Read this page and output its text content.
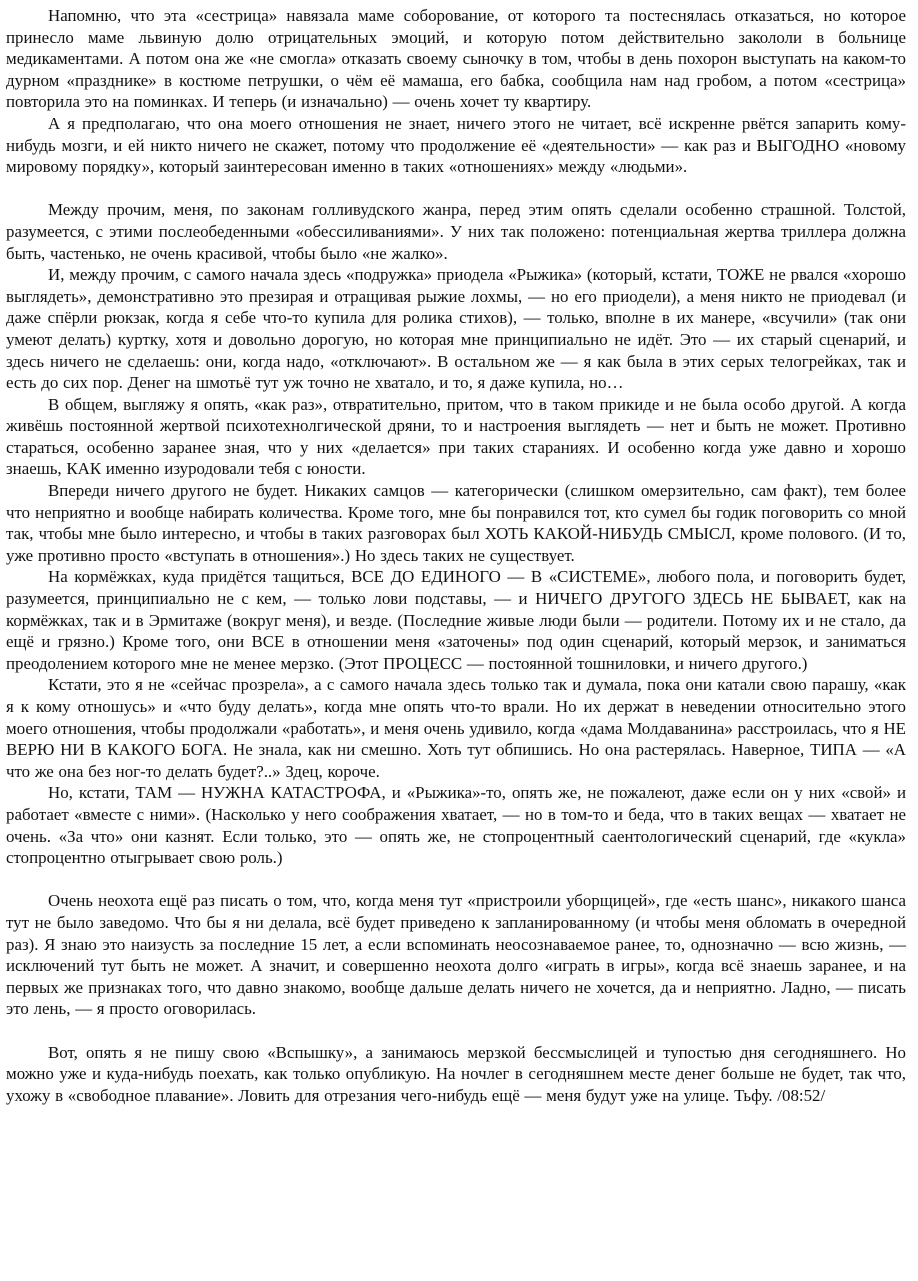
Напомню, что эта «сестрица» навязала маме соборование, от которого та постеснялась отказаться, но которое принесло маме львиную долю отрицательных эмоций, и которую потом действительно закололи в больнице медикаментами. А потом она же «не смогла» отказать своему сыночку в том, чтобы в день похорон выступать на каком-то дурном «празднике» в костюме петрушки, о чём её мамаша, его бабка, сообщила нам над гробом, а потом «сестрица» повторила это на поминках. И теперь (и изначально) — очень хочет ту квартиру.

А я предполагаю, что она моего отношения не знает, ничего этого не читает, всё искренне рвётся запарить кому-нибудь мозги, и ей никто ничего не скажет, потому что продолжение её «деятельности» — как раз и ВЫГОДНО «новому мировому порядку», который заинтересован именно в таких «отношениях» между «людьми».

Между прочим, меня, по законам голливудского жанра, перед этим опять сделали особенно страшной. Толстой, разумеется, с этими послеобеденными «обессиливаниями». У них так положено: потенциальная жертва триллера должна быть, частенько, не очень красивой, чтобы было «не жалко».

И, между прочим, с самого начала здесь «подружка» приодела «Рыжика» (который, кстати, ТОЖЕ не рвался «хорошо выглядеть», демонстративно это презирая и отращивая рыжие лохмы, — но его приодели), а меня никто не приодевал (и даже спёрли рюкзак, когда я себе что-то купила для ролика стихов), — только, вполне в их манере, «всучили» (так они умеют делать) куртку, хотя и довольно дорогую, но которая мне принципиально не идёт. Это — их старый сценарий, и здесь ничего не сделаешь: они, когда надо, «отключают». В остальном же — я как была в этих серых телогрейках, так и есть до сих пор. Денег на шмотьё тут уж точно не хватало, и то, я даже купила, но…

В общем, выгляжу я опять, «как раз», отвратительно, притом, что в таком прикиде и не была особо другой. А когда живёшь постоянной жертвой психотехнолгической дряни, то и настроения выглядеть — нет и быть не может. Противно стараться, особенно заранее зная, что у них «делается» при таких стараниях. И особенно когда уже давно и хорошо знаешь, КАК именно изуродовали тебя с юности.

Впереди ничего другого не будет. Никаких самцов — категорически (слишком омерзительно, сам факт), тем более что неприятно и вообще набирать количества. Кроме того, мне бы понравился тот, кто сумел бы годик поговорить со мной так, чтобы мне было интересно, и чтобы в таких разговорах был ХОТЬ КАКОЙ-НИБУДЬ СМЫСЛ, кроме полового. (И то, уже противно просто «вступать в отношения».) Но здесь таких не существует.

На кормёжках, куда придётся тащиться, ВСЕ ДО ЕДИНОГО — В «СИСТЕМЕ», любого пола, и поговорить будет, разумеется, принципиально не с кем, — только лови подставы, — и НИЧЕГО ДРУГОГО ЗДЕСЬ НЕ БЫВАЕТ, как на кормёжках, так и в Эрмитаже (вокруг меня), и везде. (Последние живые люди были — родители. Потому их и не стало, да ещё и грязно.) Кроме того, они ВСЕ в отношении меня «заточены» под один сценарий, который мерзок, и заниматься преодолением которого мне не менее мерзко. (Этот ПРОЦЕСС — постоянной тошниловки, и ничего другого.)

Кстати, это я не «сейчас прозрела», а с самого начала здесь только так и думала, пока они катали свою парашу, «как я к кому отношусь» и «что буду делать», когда мне опять что-то врали. Но их держат в неведении относительно этого моего отношения, чтобы продолжали «работать», и меня очень удивило, когда «дама Молдаванина» расстроилась, что я НЕ ВЕРЮ НИ В КАКОГО БОГА. Не знала, как ни смешно. Хоть тут обпишись. Но она растерялась. Наверное, ТИПА — «А что же она без ног-то делать будет?..» Здец, короче.

Но, кстати, ТАМ — НУЖНА КАТАСТРОФА, и «Рыжика»-то, опять же, не пожалеют, даже если он у них «свой» и работает «вместе с ними». (Насколько у него соображения хватает, — но в том-то и беда, что в таких вещах — хватает не очень. «За что» они казнят. Если только, это — опять же, не стопроцентный саентологический сценарий, где «кукла» стопроцентно отыгрывает свою роль.)

Очень неохота ещё раз писать о том, что, когда меня тут «пристроили уборщицей», где «есть шанс», никакого шанса тут не было заведомо. Что бы я ни делала, всё будет приведено к запланированному (и чтобы меня обломать в очередной раз). Я знаю это наизусть за последние 15 лет, а если вспоминать неосознаваемое ранее, то, однозначно — всю жизнь, — исключений тут быть не может. А значит, и совершенно неохота долго «играть в игры», когда всё знаешь заранее, и на первых же признаках того, что давно знакомо, вообще дальше делать ничего не хочется, да и неприятно. Ладно, — писать это лень, — я просто оговорилась.

Вот, опять я не пишу свою «Вспышку», а занимаюсь мерзкой бессмыслицей и тупостью дня сегодняшнего. Но можно уже и куда-нибудь поехать, как только опубликую. На ночлег в сегодняшнем месте денег больше не будет, так что, ухожу в «свободное плавание». Ловить для отрезания чего-нибудь ещё — меня будут уже на улице. Тьфу. /08:52/
